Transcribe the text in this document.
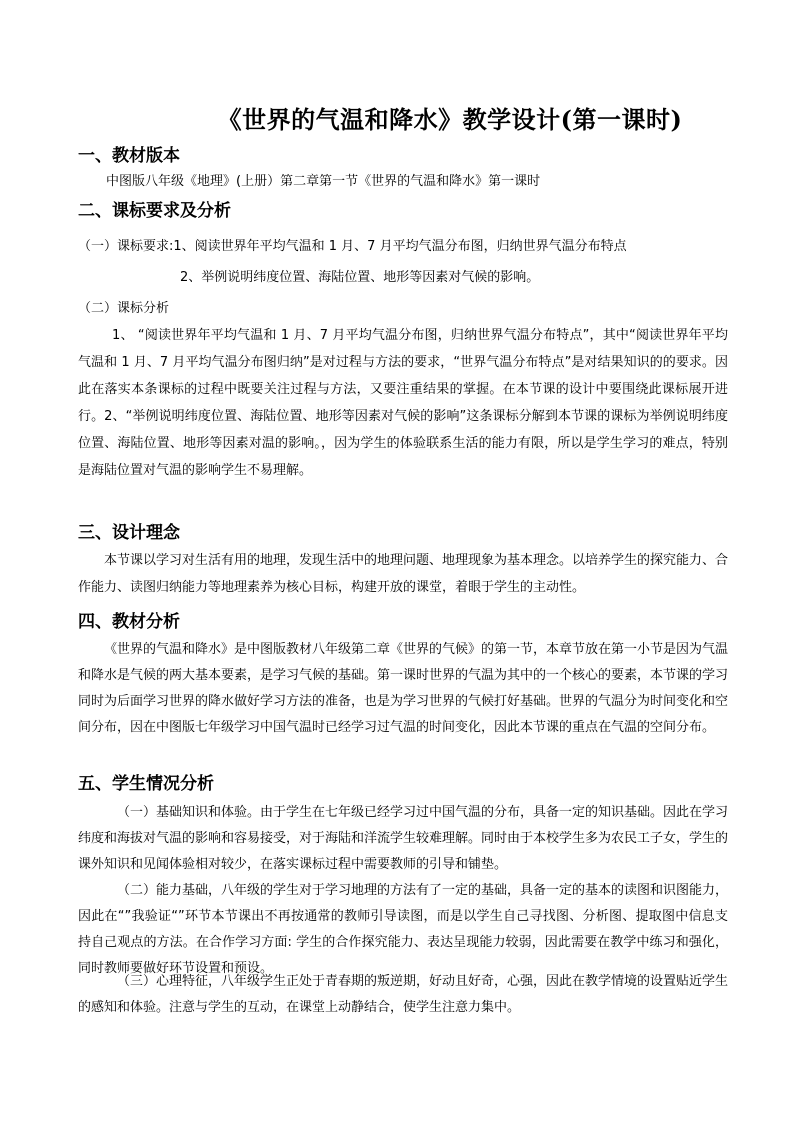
《世界的气温和降水》教学设计(第一课时)
一、教材版本
中图版八年级《地理》(上册）第二章第一节《世界的气温和降水》第一课时
二、课标要求及分析
（一）课标要求:1、阅读世界年平均气温和 1 月、7 月平均气温分布图，归纳世界气温分布特点
2、举例说明纬度位置、海陆位置、地形等因素对气候的影响。
（二）课标分析
1、 “阅读世界年平均气温和 1 月、7 月平均气温分布图，归纳世界气温分布特点”，其中“阅读世界年平均气温和 1 月、7 月平均气温分布图归纳”是对过程与方法的要求，“世界气温分布特点”是对结果知识的的要求。因此在落实本条课标的过程中既要关注过程与方法，又要注重结果的掌握。在本节课的设计中要围绕此课标展开进行。2、“举例说明纬度位置、海陆位置、地形等因素对气候的影响”这条课标分解到本节课的课标为举例说明纬度位置、海陆位置、地形等因素对温的影响。，因为学生的体验联系生活的能力有限，所以是学生学习的难点，特别是海陆位置对气温的影响学生不易理解。
三、设计理念
本节课以学习对生活有用的地理，发现生活中的地理问题、地理现象为基本理念。以培养学生的探究能力、合作能力、读图归纳能力等地理素养为核心目标，构建开放的课堂，着眼于学生的主动性。
四、教材分析
《世界的气温和降水》是中图版教材八年级第二章《世界的气候》的第一节，本章节放在第一小节是因为气温和降水是气候的两大基本要素，是学习气候的基础。第一课时世界的气温为其中的一个核心的要素，本节课的学习同时为后面学习世界的降水做好学习方法的准备，也是为学习世界的气候打好基础。世界的气温分为时间变化和空间分布，因在中图版七年级学习中国气温时已经学习过气温的时间变化，因此本节课的重点在气温的空间分布。
五、学生情况分析
（一）基础知识和体验。由于学生在七年级已经学习过中国气温的分布，具备一定的知识基础。因此在学习纬度和海拔对气温的影响和容易接受，对于海陆和洋流学生较难理解。同时由于本校学生多为农民工子女，学生的课外知识和见闻体验相对较少，在落实课标过程中需要教师的引导和铺垫。
（二）能力基础，八年级的学生对于学习地理的方法有了一定的基础，具备一定的基本的读图和识图能力，因此在“”我验证“”环节本节课出不再按通常的教师引导读图，而是以学生自己寻找图、分析图、提取图中信息支持自己观点的方法。在合作学习方面: 学生的合作探究能力、表达呈现能力较弱，因此需要在教学中练习和强化，同时教师要做好环节设置和预设。
（三）心理特征，八年级学生正处于青春期的叛逆期，好动且好奇，心强，因此在教学情境的设置贴近学生的感知和体验。注意与学生的互动，在课堂上动静结合，使学生注意力集中。
